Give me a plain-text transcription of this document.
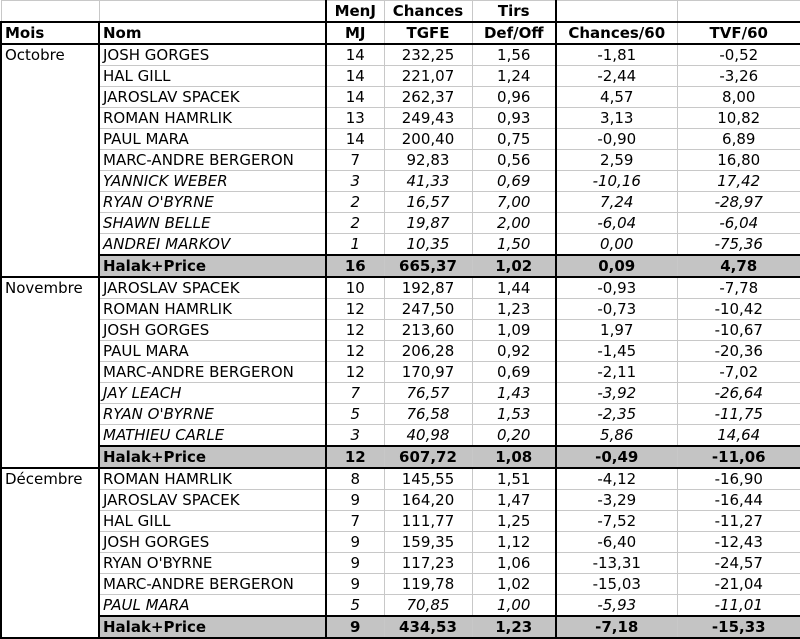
		MenJ	Chances	Tirs		
Mois	Nom	MJ	TGFE	Def/Off	Chances/60	TVF/60
Octobre	JOSH GORGES	14	232,25	1,56	-1,81	-0,52
	HAL GILL	14	221,07	1,24	-2,44	-3,26
	JAROSLAV SPACEK	14	262,37	0,96	4,57	8,00
	ROMAN HAMRLIK	13	249,43	0,93	3,13	10,82
	PAUL MARA	14	200,40	0,75	-0,90	6,89
	MARC-ANDRE BERGERON	7	92,83	0,56	2,59	16,80
	YANNICK WEBER	3	41,33	0,69	-10,16	17,42
	RYAN O'BYRNE	2	16,57	7,00	7,24	-28,97
	SHAWN BELLE	2	19,87	2,00	-6,04	-6,04
	ANDREI MARKOV	1	10,35	1,50	0,00	-75,36
	Halak+Price	16	665,37	1,02	0,09	4,78
Novembre	JAROSLAV SPACEK	10	192,87	1,44	-0,93	-7,78
	ROMAN HAMRLIK	12	247,50	1,23	-0,73	-10,42
	JOSH GORGES	12	213,60	1,09	1,97	-10,67
	PAUL MARA	12	206,28	0,92	-1,45	-20,36
	MARC-ANDRE BERGERON	12	170,97	0,69	-2,11	-7,02
	JAY LEACH	7	76,57	1,43	-3,92	-26,64
	RYAN O'BYRNE	5	76,58	1,53	-2,35	-11,75
	MATHIEU CARLE	3	40,98	0,20	5,86	14,64
	Halak+Price	12	607,72	1,08	-0,49	-11,06
Décembre	ROMAN HAMRLIK	8	145,55	1,51	-4,12	-16,90
	JAROSLAV SPACEK	9	164,20	1,47	-3,29	-16,44
	HAL GILL	7	111,77	1,25	-7,52	-11,27
	JOSH GORGES	9	159,35	1,12	-6,40	-12,43
	RYAN O'BYRNE	9	117,23	1,06	-13,31	-24,57
	MARC-ANDRE BERGERON	9	119,78	1,02	-15,03	-21,04
	PAUL MARA	5	70,85	1,00	-5,93	-11,01
	Halak+Price	9	434,53	1,23	-7,18	-15,33
